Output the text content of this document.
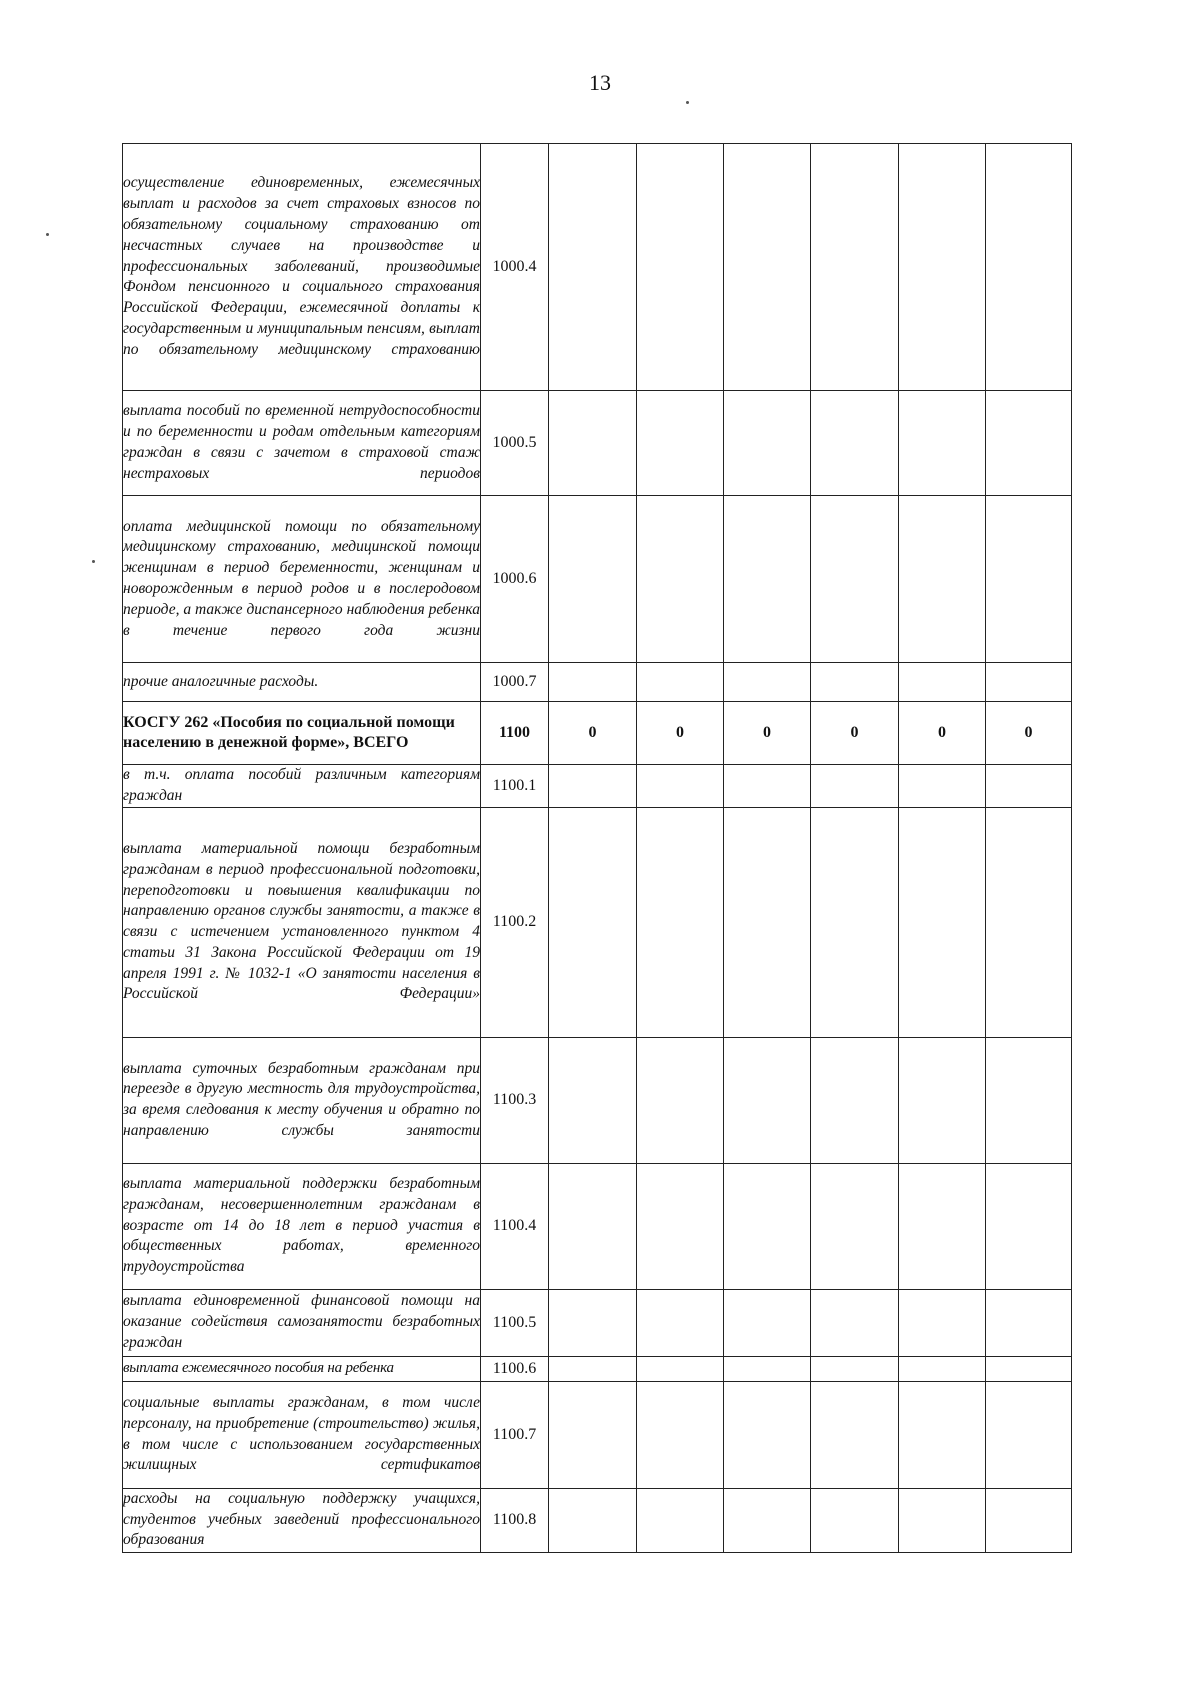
13
осуществление единовременных, ежемесячных выплат и расходов за счет страховых взносов по обязательному социальному страхованию от несчастных случаев на производстве и профессиональных заболеваний, производимые Фондом пенсионного и социального страхования Российской Федерации, ежемесячной доплаты к государственным и муниципальным пенсиям, выплат по обязательному медицинскому страхованию	1000.4						
выплата пособий по временной нетрудоспособности и по беременности и родам отдельным категориям граждан в связи с зачетом в страховой стаж нестраховых периодов	1000.5						
оплата медицинской помощи по обязательному медицинскому страхованию, медицинской помощи женщинам в период беременности, женщинам и новорожденным в период родов и в послеродовом периоде, а также диспансерного наблюдения ребенка в течение первого года жизни	1000.6						
прочие аналогичные расходы.	1000.7						
КОСГУ 262 «Пособия по социальной помощи населению в денежной форме», ВСЕГО	1100	0	0	0	0	0	0
в т.ч. оплата пособий различным категориям граждан	1100.1						
выплата материальной помощи безработным гражданам в период профессиональной подготовки, переподготовки и повышения квалификации по направлению органов службы занятости, а также в связи с истечением установленного пунктом 4 статьи 31 Закона Российской Федерации от 19 апреля 1991 г. № 1032-1 «О занятости населения в Российской Федерации»	1100.2						
выплата суточных безработным гражданам при переезде в другую местность для трудоустройства, за время следования к месту обучения и обратно по направлению службы занятости	1100.3						
выплата материальной поддержки безработным гражданам, несовершеннолетним гражданам в возрасте от 14 до 18 лет в период участия в общественных работах, временного трудоустройства	1100.4						
выплата единовременной финансовой помощи на оказание содействия самозанятости безработных граждан	1100.5						
выплата ежемесячного пособия на ребенка	1100.6						
социальные выплаты гражданам, в том числе персоналу, на приобретение (строительство) жилья, в том числе с использованием государственных жилищных сертификатов	1100.7						
расходы на социальную поддержку учащихся, студентов учебных заведений профессионального образования	1100.8						
